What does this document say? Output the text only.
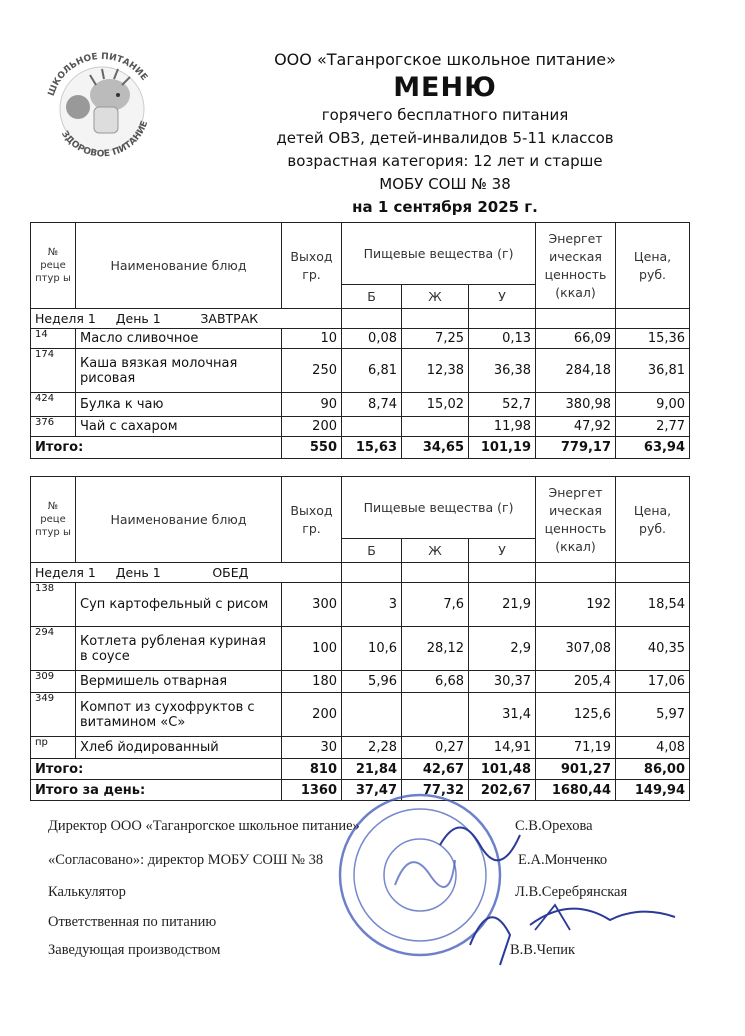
ШКОЛЬНОЕ ПИТАНИЕ
ЗДОРОВОЕ ПИТАНИЕ
ООО «Таганрогское школьное питание»
МЕНЮ
горячего бесплатного питания
детей ОВЗ, детей-инвалидов 5-11 классов
возрастная категория: 12 лет и старше
МОБУ СОШ № 38
на 1 сентября 2025 г.
№ реце птур ы	Наименование блюд	Выход гр.	Пищевые вещества (г)			Энергет ическая ценность (ккал)	Цена, руб.
			Б	Ж	У		
Неделя 1 День 1 ЗАВТРАК							
14	Масло сливочное	10	0,08	7,25	0,13	66,09	15,36
174	Каша вязкая молочная рисовая	250	6,81	12,38	36,38	284,18	36,81
424	Булка к чаю	90	8,74	15,02	52,7	380,98	9,00
376	Чай с сахаром	200			11,98	47,92	2,77
Итого:		550	15,63	34,65	101,19	779,17	63,94
№ реце птур ы	Наименование блюд	Выход гр.	Пищевые вещества (г)			Энергет ическая ценность (ккал)	Цена, руб.
			Б	Ж	У		
Неделя 1 День 1 ОБЕД							
138	Суп картофельный с рисом	300	3	7,6	21,9	192	18,54
294	Котлета рубленая куриная в соусе	100	10,6	28,12	2,9	307,08	40,35
309	Вермишель отварная	180	5,96	6,68	30,37	205,4	17,06
349	Компот из сухофруктов с витамином «С»	200			31,4	125,6	5,97
пр	Хлеб йодированный	30	2,28	0,27	14,91	71,19	4,08
Итого:		810	21,84	42,67	101,48	901,27	86,00
Итого за день:		1360	37,47	77,32	202,67	1680,44	149,94
Директор ООО «Таганрогское школьное питание»	С.В.Орехова
«Согласовано»: директор МОБУ СОШ № 38	Е.А.Монченко
Калькулятор	Л.В.Серебрянская
Ответственная по питанию
Заведующая производством	В.В.Чепик
